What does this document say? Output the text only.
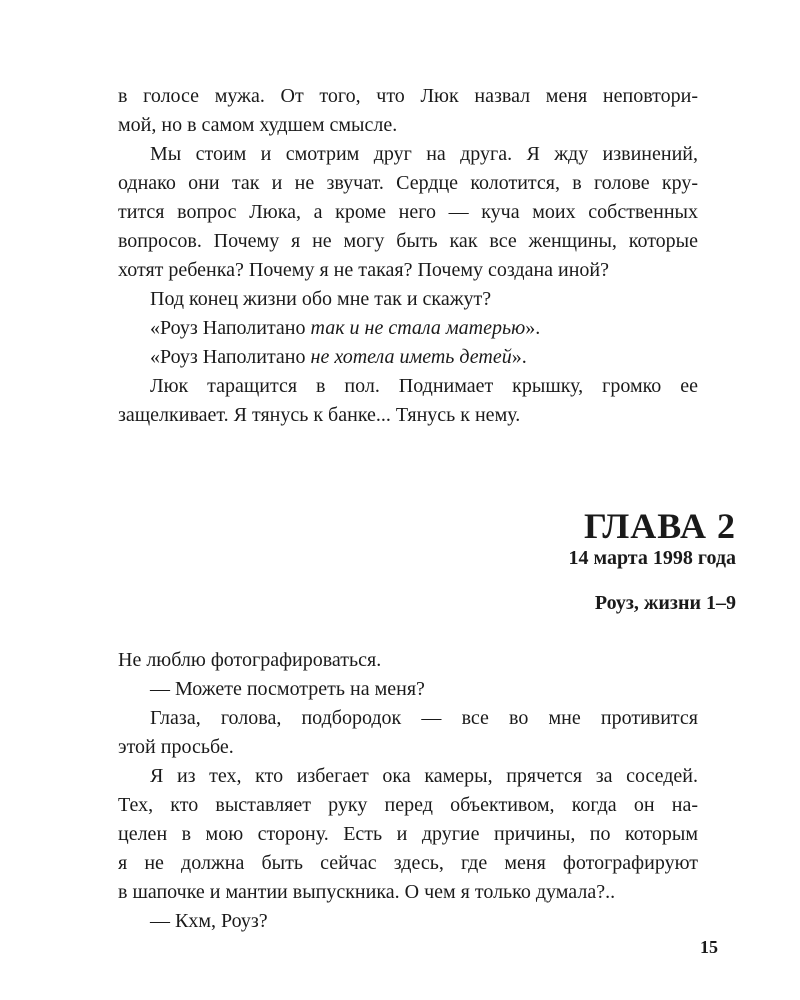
в голосе мужа. От того, что Люк назвал меня неповтори-
мой, но в самом худшем смысле.
Мы стоим и смотрим друг на друга. Я жду извинений,
однако они так и не звучат. Сердце колотится, в голове кру-
тится вопрос Люка, а кроме него — куча моих собственных
вопросов. Почему я не могу быть как все женщины, которые
хотят ребенка? Почему я не такая? Почему создана иной?
Под конец жизни обо мне так и скажут?
«Роуз Наполитано так и не стала матерью».
«Роуз Наполитано не хотела иметь детей».
Люк таращится в пол. Поднимает крышку, громко ее
защелкивает. Я тянусь к банке... Тянусь к нему.
ГЛАВА 2
14 марта 1998 года
Роуз, жизни 1–9
Не люблю фотографироваться.
— Можете посмотреть на меня?
Глаза, голова, подбородок — все во мне противится
этой просьбе.
Я из тех, кто избегает ока камеры, прячется за соседей.
Тех, кто выставляет руку перед объективом, когда он на-
целен в мою сторону. Есть и другие причины, по которым
я не должна быть сейчас здесь, где меня фотографируют
в шапочке и мантии выпускника. О чем я только думала?..
— Кхм, Роуз?
15
